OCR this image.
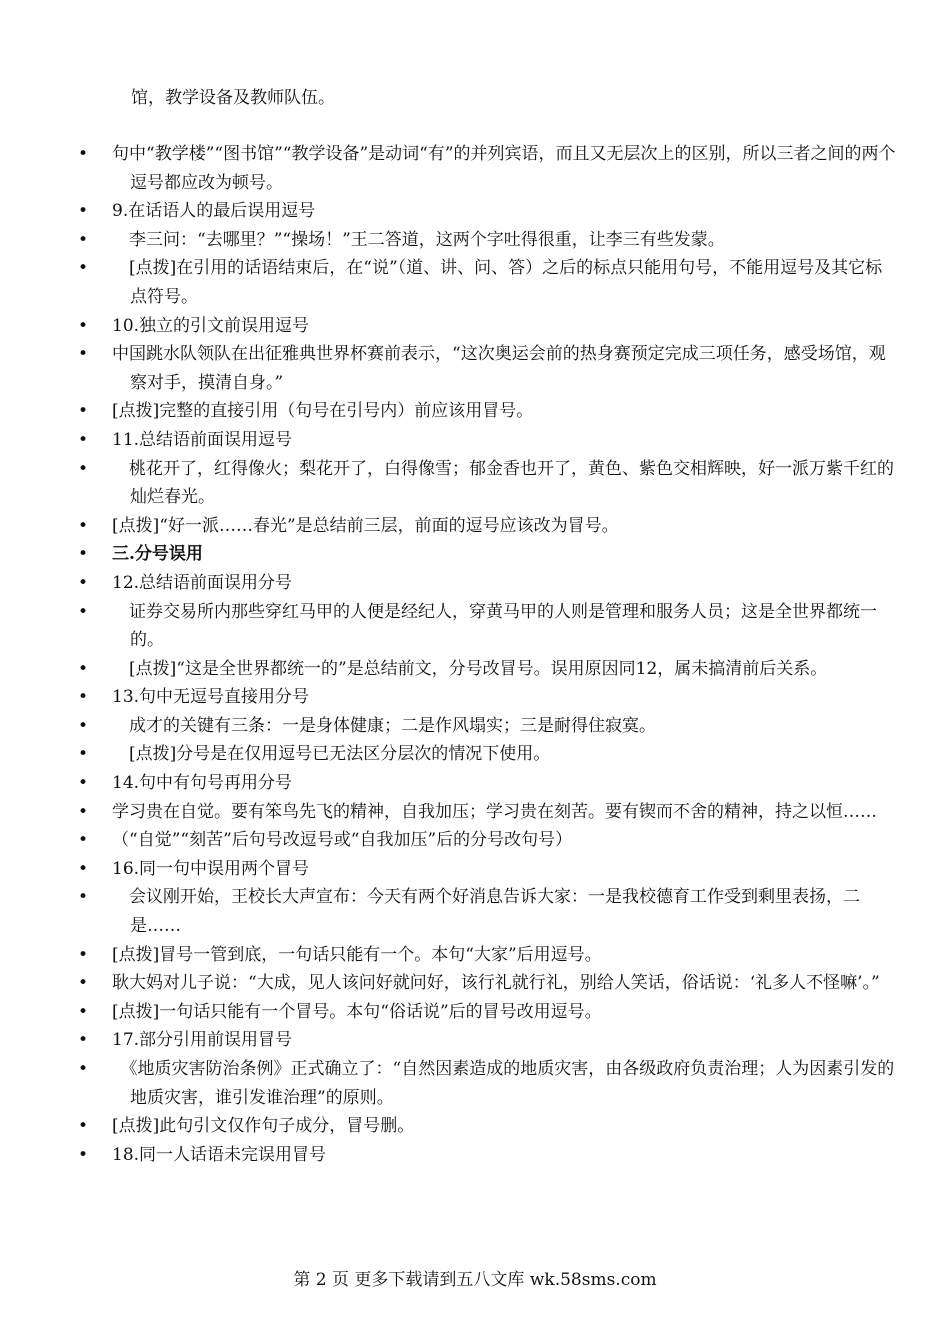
馆，教学设备及教师队伍。
• 句中“教学楼”“图书馆”“教学设备”是动词“有”的并列宾语，而且又无层次上的区别，所以三者之间的两个逗号都应改为顿号。
• 9.在话语人的最后误用逗号
• 　李三问：“去哪里？”“操场！”王二答道，这两个字吐得很重，让李三有些发蒙。
• 　[点拨]在引用的话语结束后，在“说”（道、讲、问、答）之后的标点只能用句号，不能用逗号及其它标点符号。
• 10.独立的引文前误用逗号
• 中国跳水队领队在出征雅典世界杯赛前表示，“这次奥运会前的热身赛预定完成三项任务，感受场馆，观察对手，摸清自身。”
• [点拨]完整的直接引用（句号在引号内）前应该用冒号。
• 11.总结语前面误用逗号
• 　桃花开了，红得像火；梨花开了，白得像雪；郁金香也开了，黄色、紫色交相辉映，好一派万紫千红的灿烂春光。
• [点拨]“好一派……春光”是总结前三层，前面的逗号应该改为冒号。
• 三.分号误用
• 12.总结语前面误用分号
• 　证券交易所内那些穿红马甲的人便是经纪人，穿黄马甲的人则是管理和服务人员；这是全世界都统一的。
• 　[点拨]“这是全世界都统一的”是总结前文，分号改冒号。误用原因同12，属未搞清前后关系。
• 13.句中无逗号直接用分号
• 　成才的关键有三条：一是身体健康；二是作风塌实；三是耐得住寂寞。
• 　[点拨]分号是在仅用逗号已无法区分层次的情况下使用。
• 14.句中有句号再用分号
• 学习贵在自觉。要有笨鸟先飞的精神，自我加压；学习贵在刻苦。要有锲而不舍的精神，持之以恒……
• （“自觉”“刻苦”后句号改逗号或“自我加压”后的分号改句号）
• 16.同一句中误用两个冒号
• 　会议刚开始，王校长大声宣布：今天有两个好消息告诉大家：一是我校德育工作受到剩里表扬，二是……
• [点拨]冒号一管到底，一句话只能有一个。本句“大家”后用逗号。
• 耿大妈对儿子说：“大成，见人该问好就问好，该行礼就行礼，别给人笑话，俗话说：‘礼多人不怪嘛’。”
• [点拨]一句话只能有一个冒号。本句“俗话说”后的冒号改用逗号。
• 17.部分引用前误用冒号
• 　《地质灾害防治条例》正式确立了：“自然因素造成的地质灾害，由各级政府负责治理；人为因素引发的地质灾害，谁引发谁治理”的原则。
• [点拨]此句引文仅作句子成分，冒号删。
• 18.同一人话语未完误用冒号
第 2 页 更多下载请到五八文库 wk.58sms.com
